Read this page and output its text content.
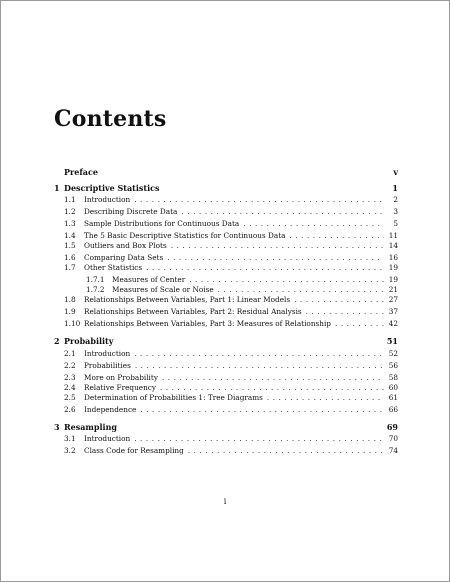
Contents
Preface	v
1 Descriptive Statistics	1
1.1	Introduction . . .	2
1.2	Describing Discrete Data . . .	3
1.3	Sample Distributions for Continuous Data . . .	5
1.4	The 5 Basic Descriptive Statistics for Continuous Data . . .	11
1.5	Outliers and Box Plots . . .	14
1.6	Comparing Data Sets . . .	16
1.7	Other Statistics . . .	19
1.7.1	Measures of Center . . .	19
1.7.2	Measures of Scale or Noise . . .	21
1.8	Relationships Between Variables, Part 1: Linear Models . . .	27
1.9	Relationships Between Variables, Part 2: Residual Analysis . . .	37
1.10 Relationships Between Variables, Part 3: Measures of Relationship . . .	42
2 Probability	51
2.1	Introduction . . .	52
2.2	Probabilities . . .	56
2.3	More on Probability . . .	58
2.4	Relative Frequency . . .	60
2.5	Determination of Probabilities 1: Tree Diagrams . . .	61
2.6	Independence . . .	66
3 Resampling	69
3.1	Introduction . . .	70
3.2	Class Code for Resampling . . .	74
i
